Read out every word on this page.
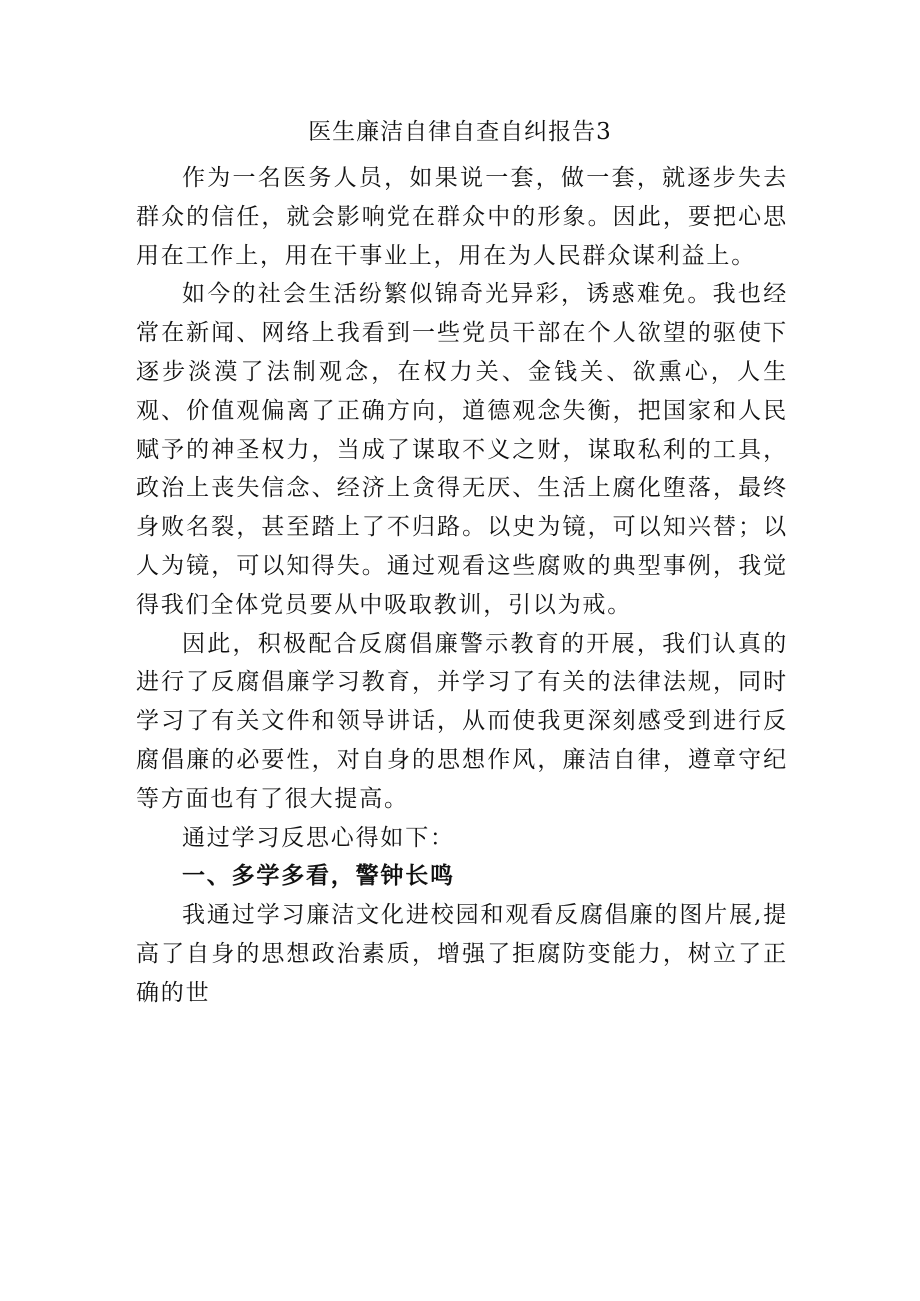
医生廉洁自律自查自纠报告3

作为一名医务人员，如果说一套，做一套，就逐步失去群众的信任，就会影响党在群众中的形象。因此，要把心思用在工作上，用在干事业上，用在为人民群众谋利益上。

如今的社会生活纷繁似锦奇光异彩，诱惑难免。我也经常在新闻、网络上我看到一些党员干部在个人欲望的驱使下逐步淡漠了法制观念，在权力关、金钱关、欲熏心，人生观、价值观偏离了正确方向，道德观念失衡，把国家和人民赋予的神圣权力，当成了谋取不义之财，谋取私利的工具，政治上丧失信念、经济上贪得无厌、生活上腐化堕落，最终身败名裂，甚至踏上了不归路。以史为镜，可以知兴替；以人为镜，可以知得失。通过观看这些腐败的典型事例，我觉得我们全体党员要从中吸取教训，引以为戒。

因此，积极配合反腐倡廉警示教育的开展，我们认真的进行了反腐倡廉学习教育，并学习了有关的法律法规，同时学习了有关文件和领导讲话，从而使我更深刻感受到进行反腐倡廉的必要性，对自身的思想作风，廉洁自律，遵章守纪等方面也有了很大提高。

通过学习反思心得如下：

一、多学多看，警钟长鸣

我通过学习廉洁文化进校园和观看反腐倡廉的图片展,提高了自身的思想政治素质，增强了拒腐防变能力，树立了正确的世
